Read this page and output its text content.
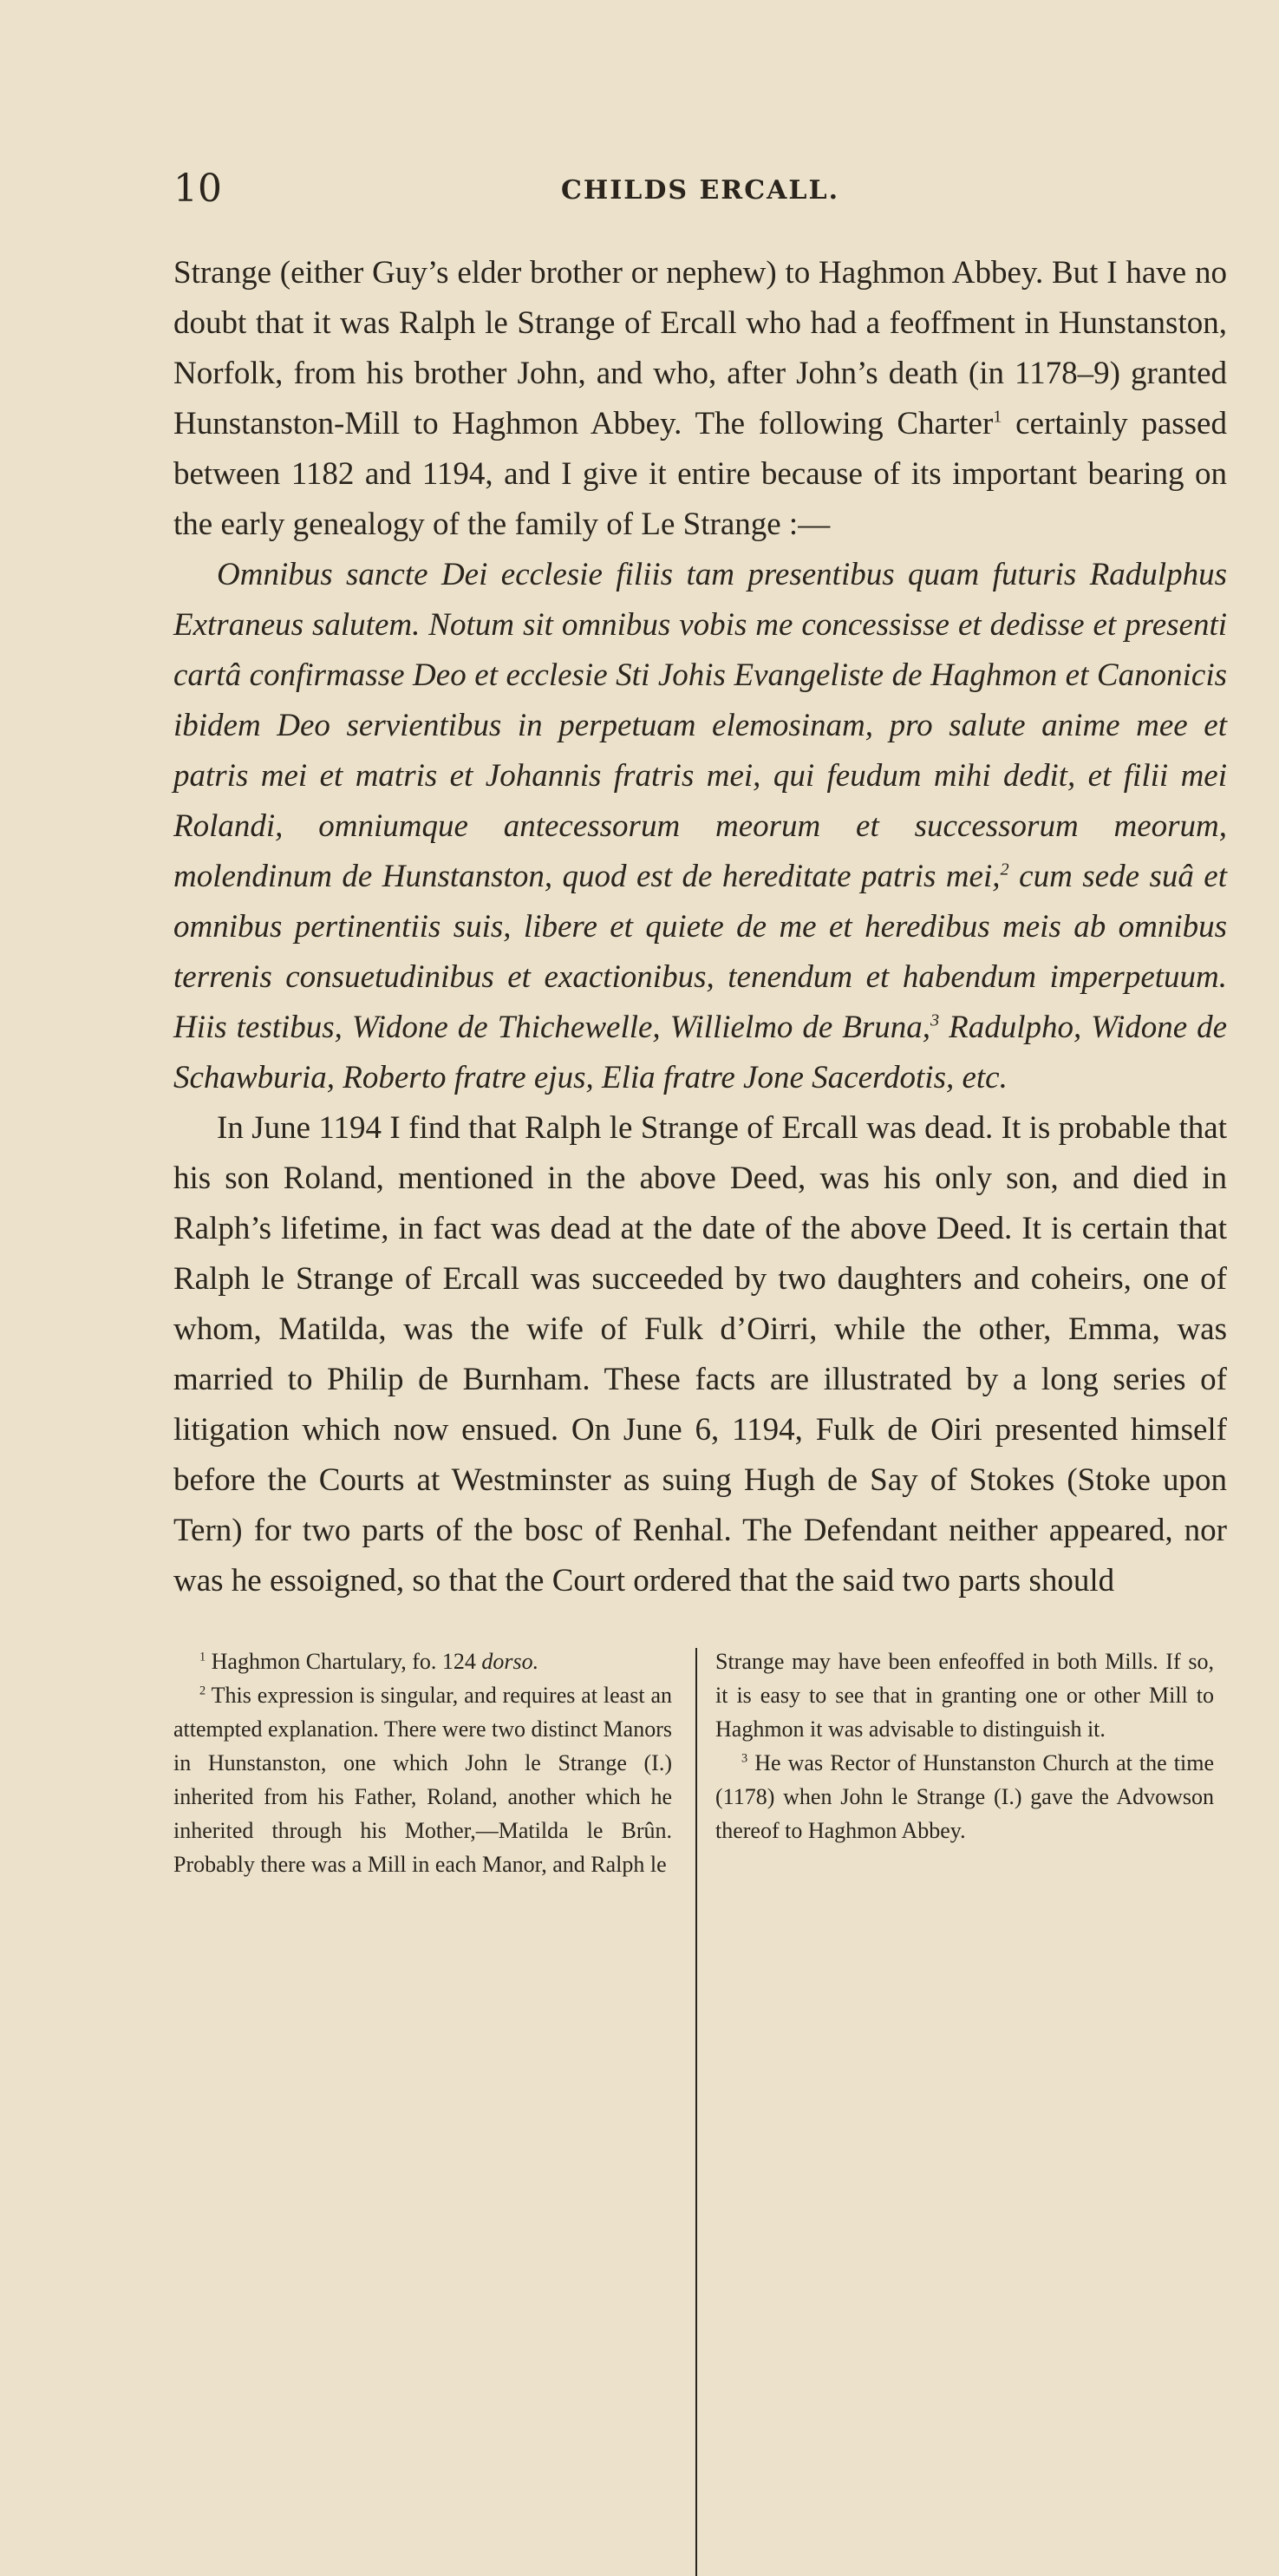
10	CHILDS ERCALL.

Strange (either Guy’s elder brother or nephew) to Haghmon Abbey. But I have no doubt that it was Ralph le Strange of Ercall who had a feoffment in Hunstanston, Norfolk, from his brother John, and who, after John’s death (in 1178–9) granted Hunstanston-Mill to Haghmon Abbey. The following Charter$^1$ certainly passed between 1182 and 1194, and I give it entire because of its important bearing on the early genealogy of the family of Le Strange :—

Omnibus sancte Dei ecclesie filiis tam presentibus quam futuris Radulphus Extraneus salutem. Notum sit omnibus vobis me concessisse et dedisse et presenti cartâ confirmasse Deo et ecclesie Sti Johis Evangeliste de Haghmon et Canonicis ibidem Deo servientibus in perpetuam elemosinam, pro salute anime mee et patris mei et matris et Johannis fratris mei, qui feudum mihi dedit, et filii mei Rolandi, omniumque antecessorum meorum et successorum meorum, molendinum de Hunstanston, quod est de hereditate patris mei,$^2$ cum sede suâ et omnibus pertinentiis suis, libere et quiete de me et heredibus meis ab omnibus terrenis consuetudinibus et exactionibus, tenendum et habendum imperpetuum. Hiis testibus, Widone de Thichewelle, Willielmo de Bruna,$^3$ Radulpho, Widone de Schawburia, Roberto fratre ejus, Elia fratre Jone Sacerdotis, etc.

In June 1194 I find that Ralph le Strange of Ercall was dead. It is probable that his son Roland, mentioned in the above Deed, was his only son, and died in Ralph’s lifetime, in fact was dead at the date of the above Deed. It is certain that Ralph le Strange of Ercall was succeeded by two daughters and coheirs, one of whom, Matilda, was the wife of Fulk d’Oirri, while the other, Emma, was married to Philip de Burnham. These facts are illustrated by a long series of litigation which now ensued. On June 6, 1194, Fulk de Oiri presented himself before the Courts at Westminster as suing Hugh de Say of Stokes (Stoke upon Tern) for two parts of the bosc of Renhal. The Defendant neither appeared, nor was he essoigned, so that the Court ordered that the said two parts should

$^1$ Haghmon Chartulary, fo. 124 dorso.

$^2$ This expression is singular, and requires at least an attempted explanation. There were two distinct Manors in Hunstanston, one which John le Strange (I.) inherited from his Father, Roland, another which he inherited through his Mother,—Matilda le Brûn. Probably there was a Mill in each Manor, and Ralph le

Strange may have been enfeoffed in both Mills. If so, it is easy to see that in granting one or other Mill to Haghmon it was advisable to distinguish it.

$^3$ He was Rector of Hunstanston Church at the time (1178) when John le Strange (I.) gave the Advowson thereof to Haghmon Abbey.
